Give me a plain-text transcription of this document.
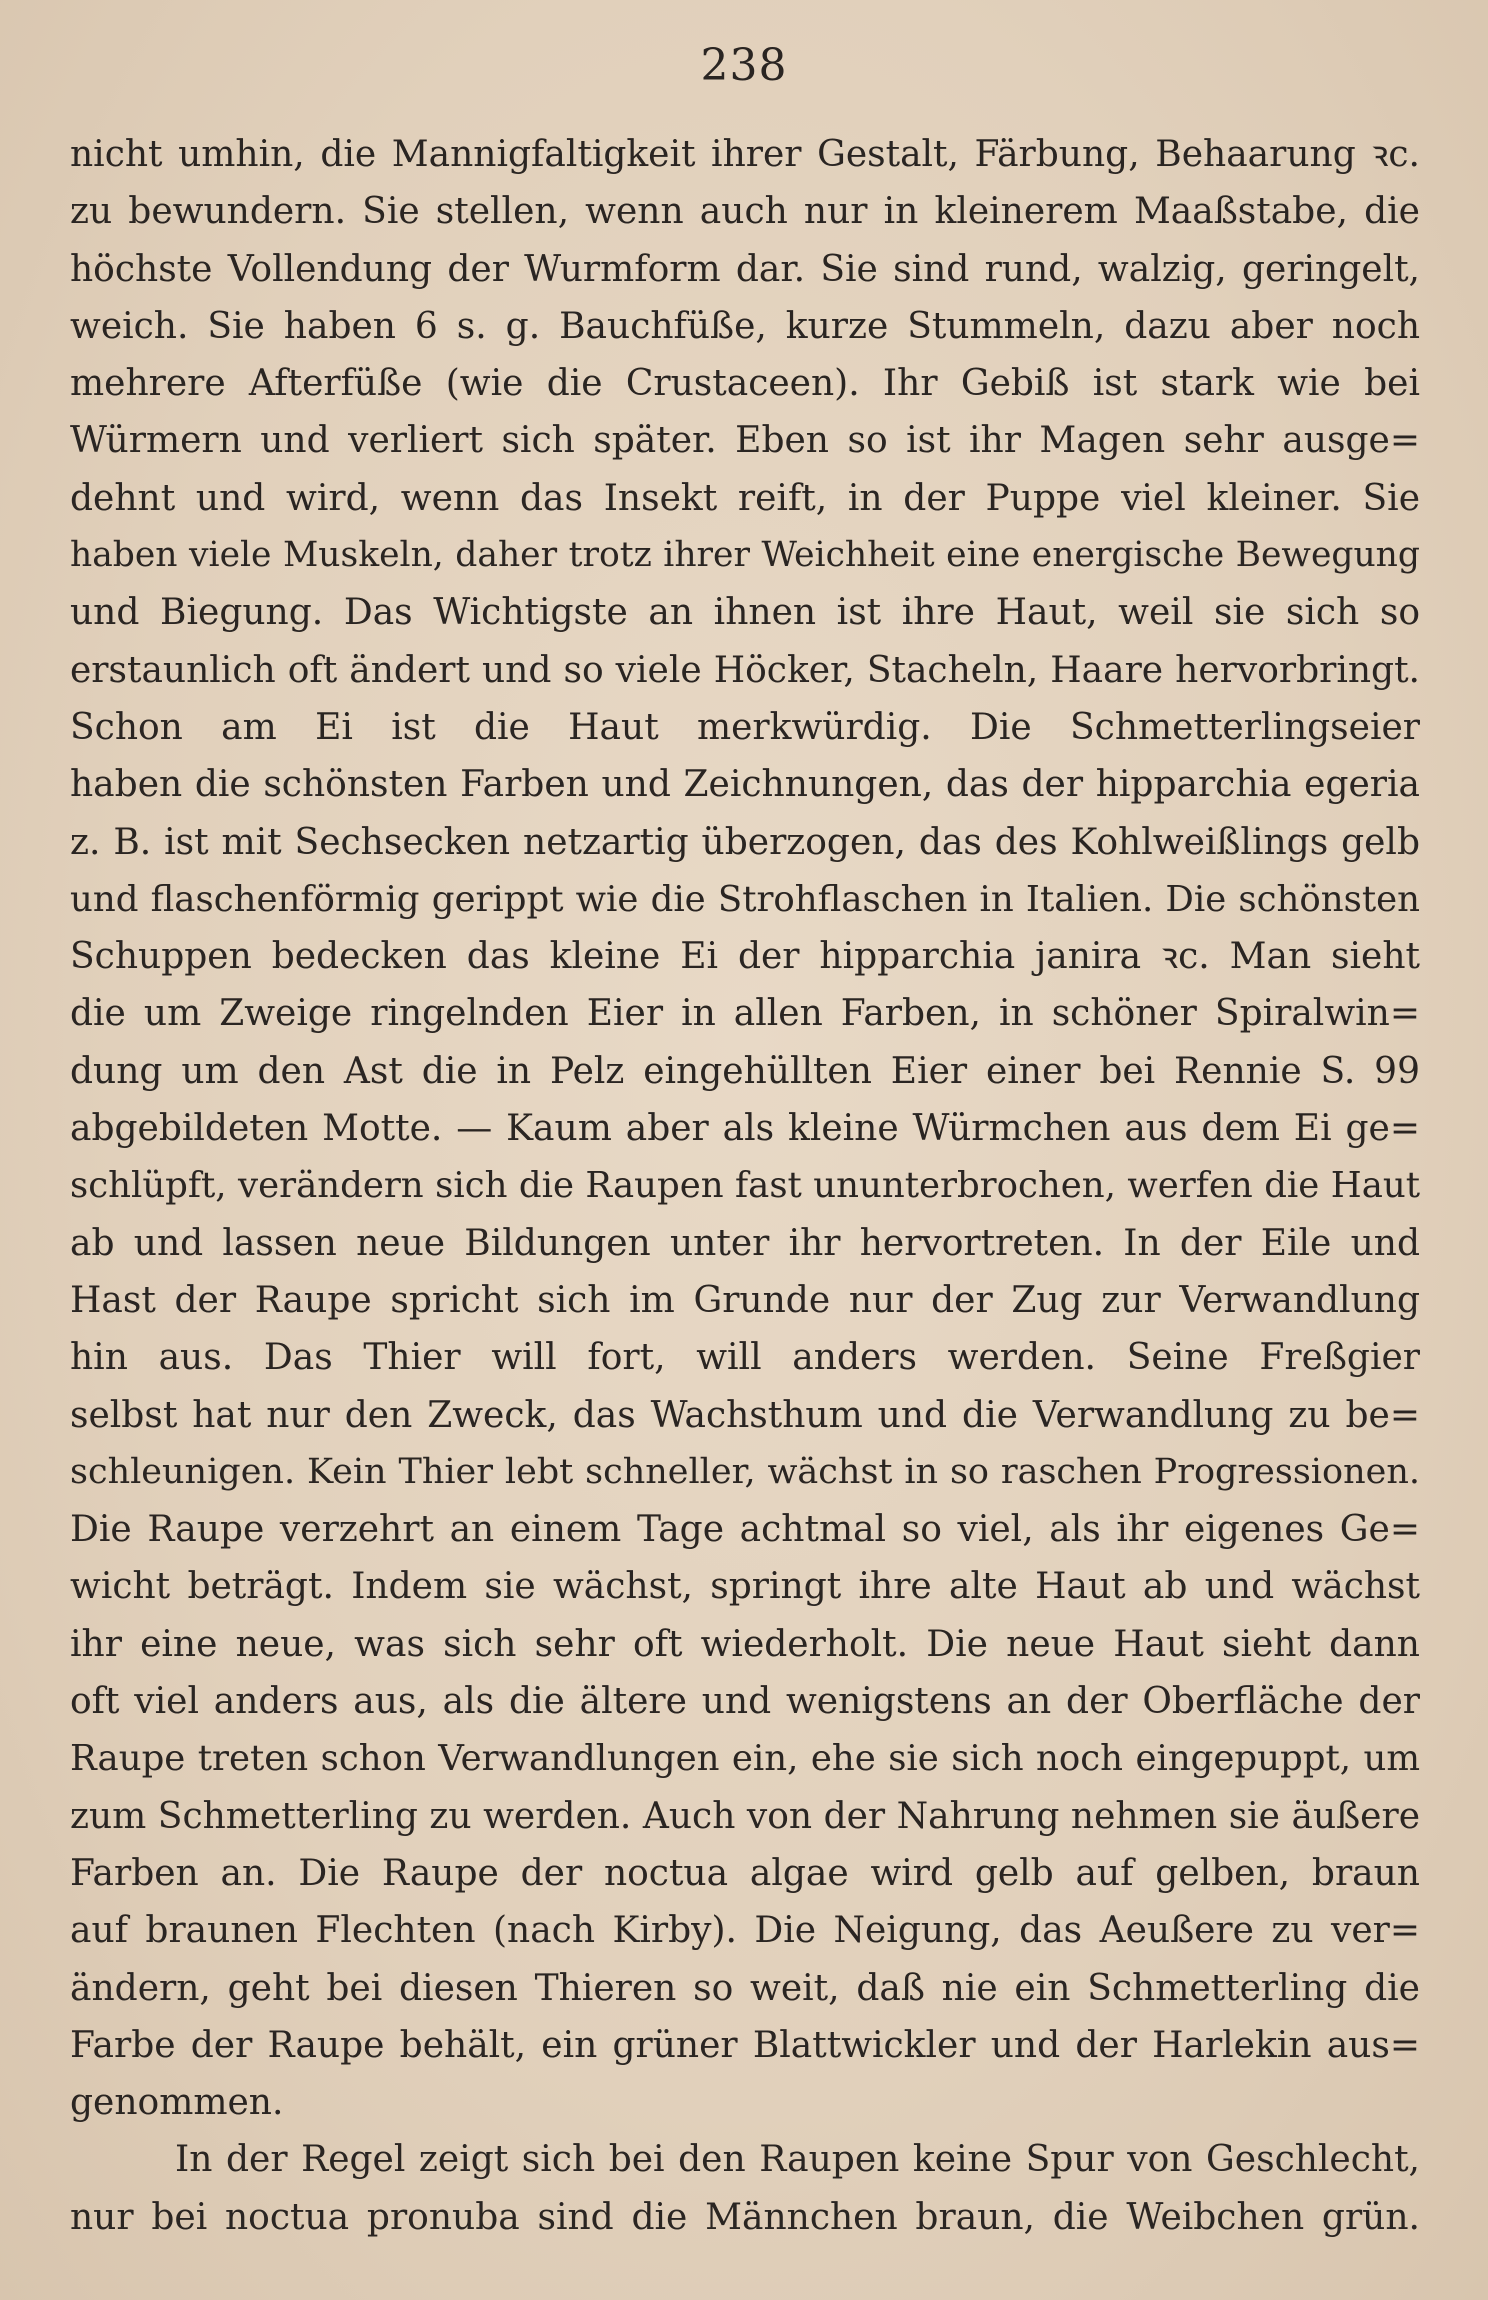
238
nicht umhin, die Mannigfaltigkeit ihrer Gestalt, Färbung, Behaarung ꝛc.
zu bewundern. Sie stellen, wenn auch nur in kleinerem Maaßstabe, die
höchste Vollendung der Wurmform dar. Sie sind rund, walzig, geringelt,
weich. Sie haben 6 s. g. Bauchfüße, kurze Stummeln, dazu aber noch
mehrere Afterfüße (wie die Crustaceen). Ihr Gebiß ist stark wie bei
Würmern und verliert sich später. Eben so ist ihr Magen sehr ausge=
dehnt und wird, wenn das Insekt reift, in der Puppe viel kleiner. Sie
haben viele Muskeln, daher trotz ihrer Weichheit eine energische Bewegung
und Biegung. Das Wichtigste an ihnen ist ihre Haut, weil sie sich so
erstaunlich oft ändert und so viele Höcker, Stacheln, Haare hervorbringt.
Schon am Ei ist die Haut merkwürdig. Die Schmetterlingseier
haben die schönsten Farben und Zeichnungen, das der hipparchia egeria
z. B. ist mit Sechsecken netzartig überzogen, das des Kohlweißlings gelb
und flaschenförmig gerippt wie die Strohflaschen in Italien. Die schönsten
Schuppen bedecken das kleine Ei der hipparchia janira ꝛc. Man sieht
die um Zweige ringelnden Eier in allen Farben, in schöner Spiralwin=
dung um den Ast die in Pelz eingehüllten Eier einer bei Rennie S. 99
abgebildeten Motte. — Kaum aber als kleine Würmchen aus dem Ei ge=
schlüpft, verändern sich die Raupen fast ununterbrochen, werfen die Haut
ab und lassen neue Bildungen unter ihr hervortreten. In der Eile und
Hast der Raupe spricht sich im Grunde nur der Zug zur Verwandlung
hin aus. Das Thier will fort, will anders werden. Seine Freßgier
selbst hat nur den Zweck, das Wachsthum und die Verwandlung zu be=
schleunigen. Kein Thier lebt schneller, wächst in so raschen Progressionen.
Die Raupe verzehrt an einem Tage achtmal so viel, als ihr eigenes Ge=
wicht beträgt. Indem sie wächst, springt ihre alte Haut ab und wächst
ihr eine neue, was sich sehr oft wiederholt. Die neue Haut sieht dann
oft viel anders aus, als die ältere und wenigstens an der Oberfläche der
Raupe treten schon Verwandlungen ein, ehe sie sich noch eingepuppt, um
zum Schmetterling zu werden. Auch von der Nahrung nehmen sie äußere
Farben an. Die Raupe der noctua algae wird gelb auf gelben, braun
auf braunen Flechten (nach Kirby). Die Neigung, das Aeußere zu ver=
ändern, geht bei diesen Thieren so weit, daß nie ein Schmetterling die
Farbe der Raupe behält, ein grüner Blattwickler und der Harlekin aus=
genommen.
In der Regel zeigt sich bei den Raupen keine Spur von Geschlecht,
nur bei noctua pronuba sind die Männchen braun, die Weibchen grün.
